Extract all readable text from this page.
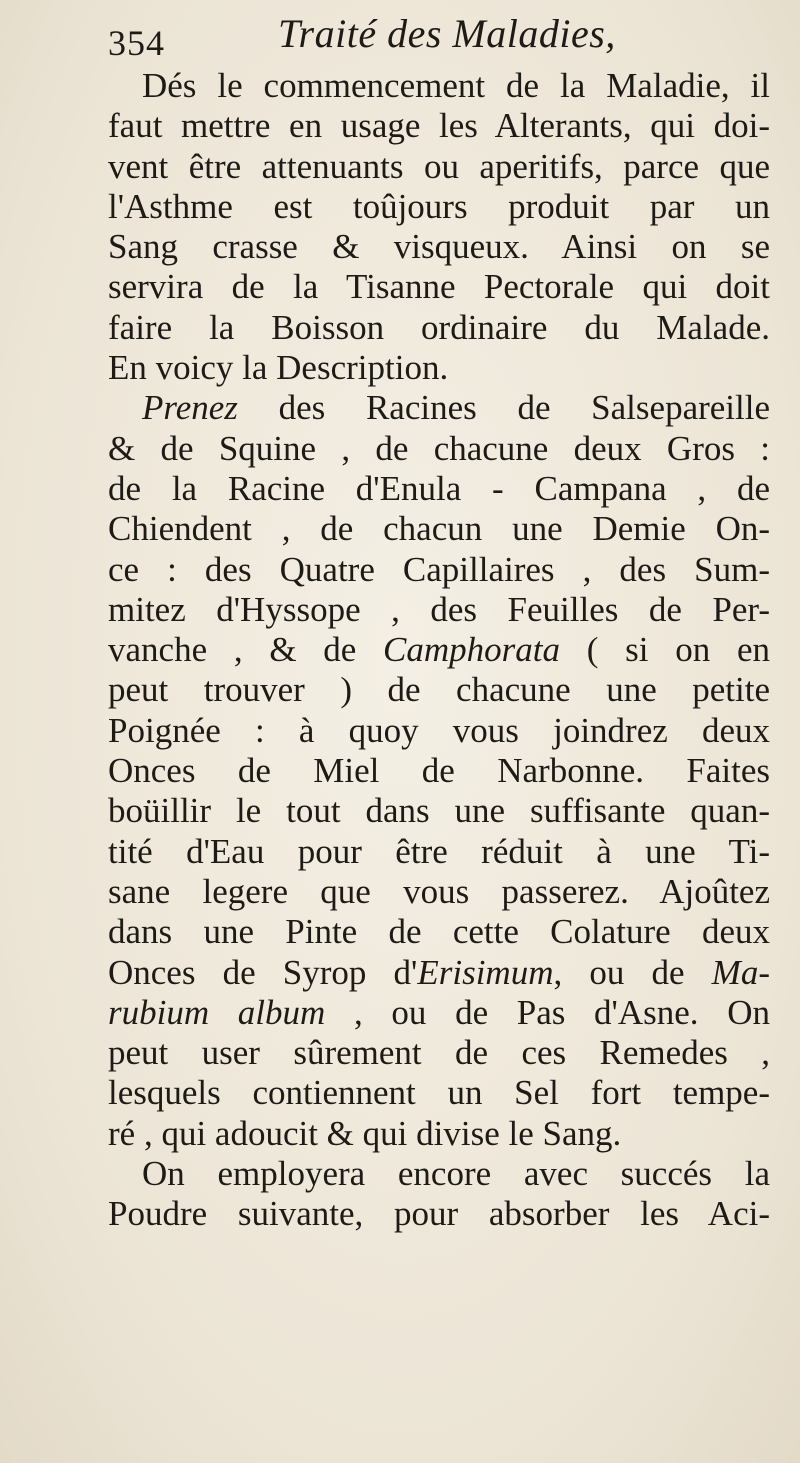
354	Traité des Maladies,
Dés le commencement de la Maladie, il
faut mettre en usage les Alterants, qui doi-
vent être attenuants ou aperitifs, parce que
l'Asthme est toûjours produit par un
Sang crasse & visqueux. Ainsi on se
servira de la Tisanne Pectorale qui doit
faire la Boisson ordinaire du Malade.
En voicy la Description.
Prenez des Racines de Salsepareille
& de Squine , de chacune deux Gros :
de la Racine d'Enula - Campana , de
Chiendent , de chacun une Demie On-
ce : des Quatre Capillaires , des Sum-
mitez d'Hyssope , des Feuilles de Per-
vanche , & de Camphorata ( si on en
peut trouver ) de chacune une petite
Poignée : à quoy vous joindrez deux
Onces de Miel de Narbonne. Faites
boüillir le tout dans une suffisante quan-
tité d'Eau pour être réduit à une Ti-
sane legere que vous passerez. Ajoûtez
dans une Pinte de cette Colature deux
Onces de Syrop d'Erisimum, ou de Ma-
rubium album , ou de Pas d'Asne. On
peut user sûrement de ces Remedes ,
lesquels contiennent un Sel fort tempe-
ré , qui adoucit & qui divise le Sang.
On employera encore avec succés la
Poudre suivante, pour absorber les Aci-
